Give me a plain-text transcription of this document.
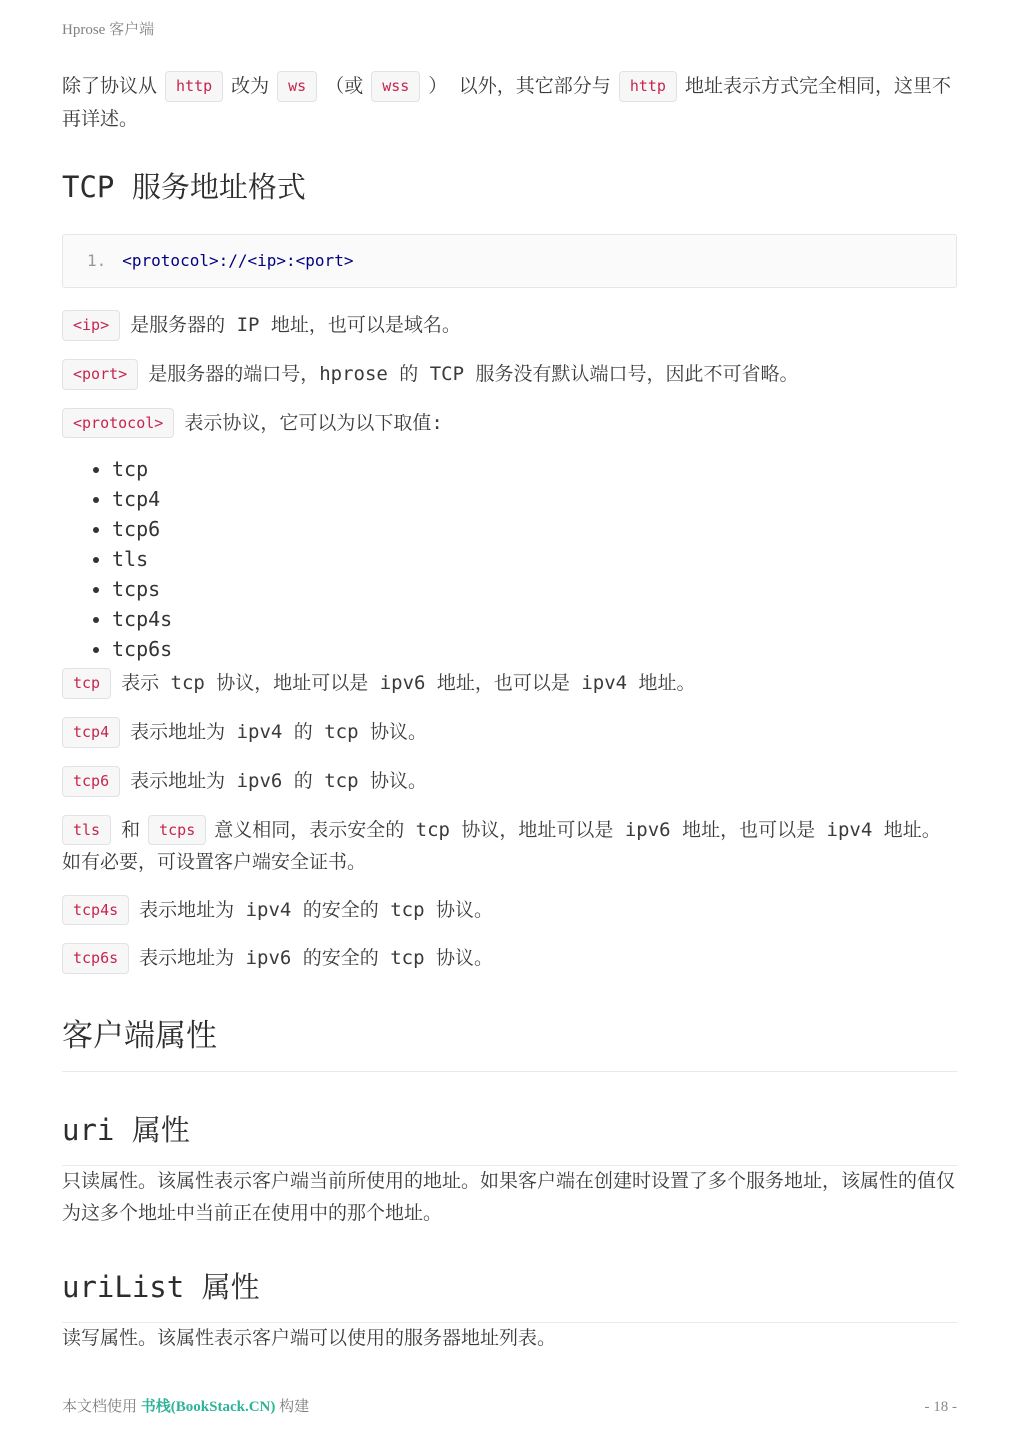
Hprose 客户端

除了协议从 http 改为 ws （或 wss ） 以外，其它部分与 http 地址表示方式完全相同，这里不再详述。

TCP 服务地址格式
1. <protocol>://<ip>:<port>

<ip> 是服务器的 IP 地址，也可以是域名。

<port> 是服务器的端口号，hprose 的 TCP 服务没有默认端口号，因此不可省略。

<protocol> 表示协议，它可以为以下取值:

• tcp
• tcp4
• tcp6
• tls
• tcps
• tcp4s
• tcp6s

tcp 表示 tcp 协议，地址可以是 ipv6 地址，也可以是 ipv4 地址。

tcp4 表示地址为 ipv4 的 tcp 协议。

tcp6 表示地址为 ipv6 的 tcp 协议。

tls 和 tcps 意义相同，表示安全的 tcp 协议，地址可以是 ipv6 地址，也可以是 ipv4 地址。如有必要，可设置客户端安全证书。

tcp4s 表示地址为 ipv4 的安全的 tcp 协议。

tcp6s 表示地址为 ipv6 的安全的 tcp 协议。

客户端属性
uri 属性

只读属性。该属性表示客户端当前所使用的地址。如果客户端在创建时设置了多个服务地址，该属性的值仅为这多个地址中当前正在使用中的那个地址。

uriList 属性

读写属性。该属性表示客户端可以使用的服务器地址列表。

本文档使用 书栈(BookStack.CN) 构建	- 18 -
